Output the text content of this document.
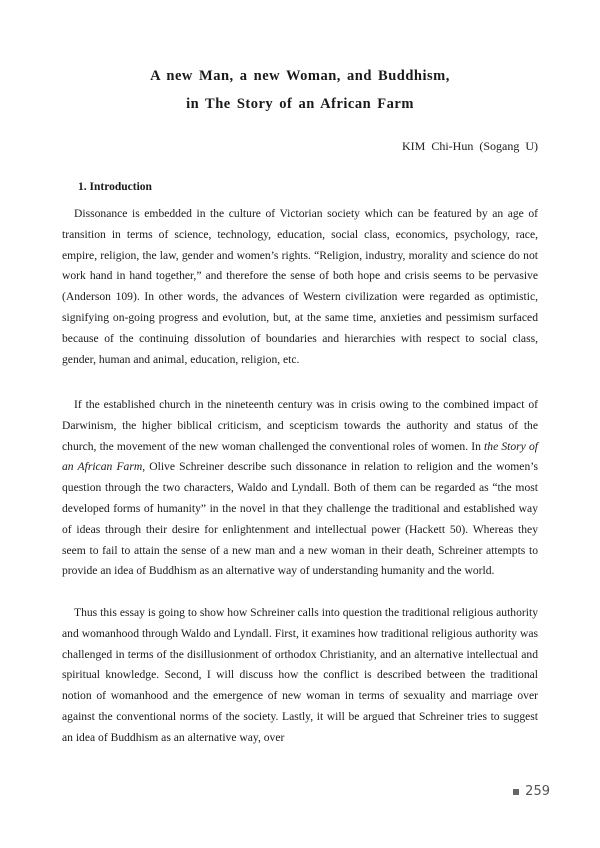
A new Man, a new Woman, and Buddhism,
in The Story of an African Farm
KIM Chi-Hun (Sogang U)
1. Introduction

Dissonance is embedded in the culture of Victorian society which can be featured by an age of transition in terms of science, technology, education, social class, economics, psychology, race, empire, religion, the law, gender and women’s rights. “Religion, industry, morality and science do not work hand in hand together,” and therefore the sense of both hope and crisis seems to be pervasive (Anderson 109). In other words, the advances of Western civilization were regarded as optimistic, signifying on-going progress and evolution, but, at the same time, anxieties and pessimism surfaced because of the continuing dissolution of boundaries and hierarchies with respect to social class, gender, human and animal, education, religion, etc.

If the established church in the nineteenth century was in crisis owing to the combined impact of Darwinism, the higher biblical criticism, and scepticism towards the authority and status of the church, the movement of the new woman challenged the conventional roles of women. In the Story of an African Farm, Olive Schreiner describe such dissonance in relation to religion and the women’s question through the two characters, Waldo and Lyndall. Both of them can be regarded as “the most developed forms of humanity” in the novel in that they challenge the traditional and established way of ideas through their desire for enlightenment and intellectual power (Hackett 50). Whereas they seem to fail to attain the sense of a new man and a new woman in their death, Schreiner attempts to provide an idea of Buddhism as an alternative way of understanding humanity and the world.

Thus this essay is going to show how Schreiner calls into question the traditional religious authority and womanhood through Waldo and Lyndall. First, it examines how traditional religious authority was challenged in terms of the disillusionment of orthodox Christianity, and an alternative intellectual and spiritual knowledge. Second, I will discuss how the conflict is described between the traditional notion of womanhood and the emergence of new woman in terms of sexuality and marriage over against the conventional norms of the society. Lastly, it will be argued that Schreiner tries to suggest an idea of Buddhism as an alternative way, over

259
